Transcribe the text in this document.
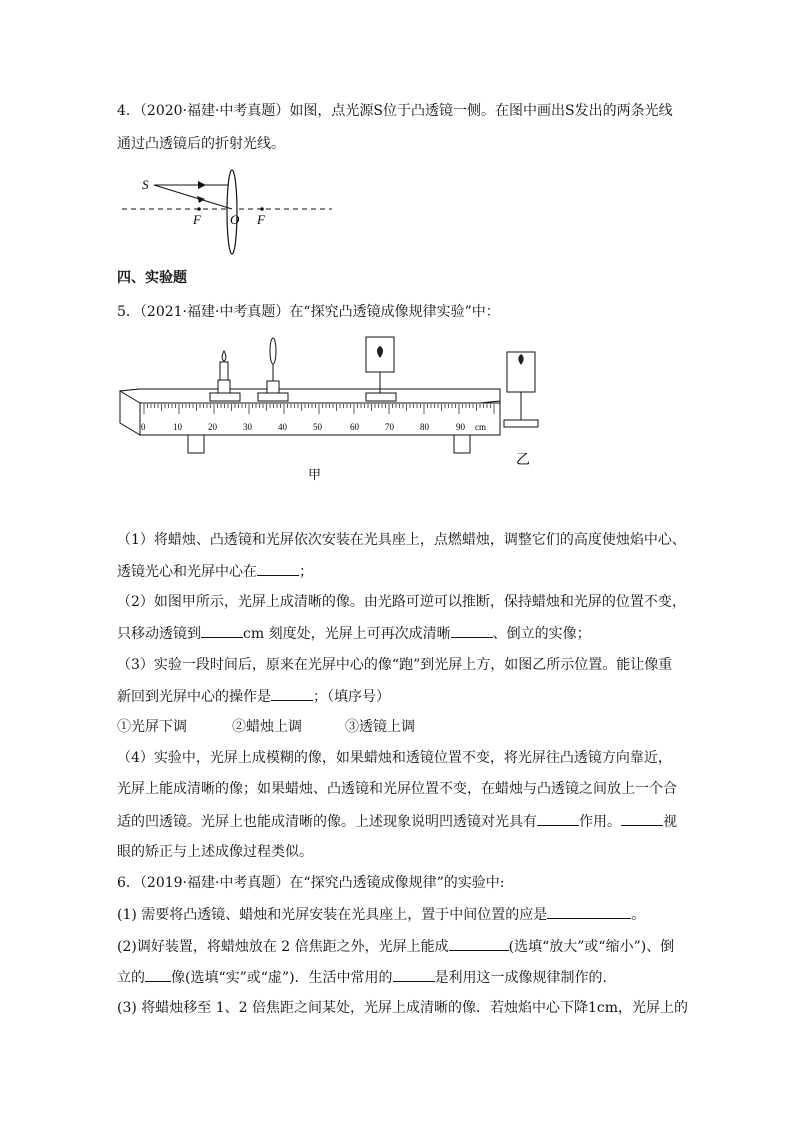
4．（2020·福建·中考真题）如图，点光源S位于凸透镜一侧。在图中画出S发出的两条光线
通过凸透镜后的折射光线。
S
F O F
四、实验题
5．（2021·福建·中考真题）在“探究凸透镜成像规律实验”中：
0	10	20	30	40	50	60	70	80	90 cm
甲
乙
（1）将蜡烛、凸透镜和光屏依次安装在光具座上，点燃蜡烛，调整它们的高度使烛焰中心、
透镜光心和光屏中心在	；
（2）如图甲所示，光屏上成清晰的像。由光路可逆可以推断，保持蜡烛和光屏的位置不变，
只移动透镜到	cm 刻度处，光屏上可再次成清晰	、倒立的实像；
（3）实验一段时间后，原来在光屏中心的像“跑”到光屏上方，如图乙所示位置。能让像重
新回到光屏中心的操作是	；（填序号）
①光屏下调	②蜡烛上调	③透镜上调
（4）实验中，光屏上成模糊的像，如果蜡烛和透镜位置不变，将光屏往凸透镜方向靠近，
光屏上能成清晰的像；如果蜡烛、凸透镜和光屏位置不变，在蜡烛与凸透镜之间放上一个合
适的凹透镜。光屏上也能成清晰的像。上述现象说明凹透镜对光具有	作用。	视
眼的矫正与上述成像过程类似。
6．（2019·福建·中考真题）在“探究凸透镜成像规律”的实验中:
(1) 需要将凸透镜、蜡烛和光屏安装在光具座上，置于中间位置的应是	。
(2)调好装置，将蜡烛放在 2 倍焦距之外，光屏上能成	(选填“放大”或“缩小”)、倒
立的 像(选填“实”或“虚”)．生活中常用的	是利用这一成像规律制作的.
(3) 将蜡烛移至 1、2 倍焦距之间某处，光屏上成清晰的像．若烛焰中心下降1cm，光屏上的
